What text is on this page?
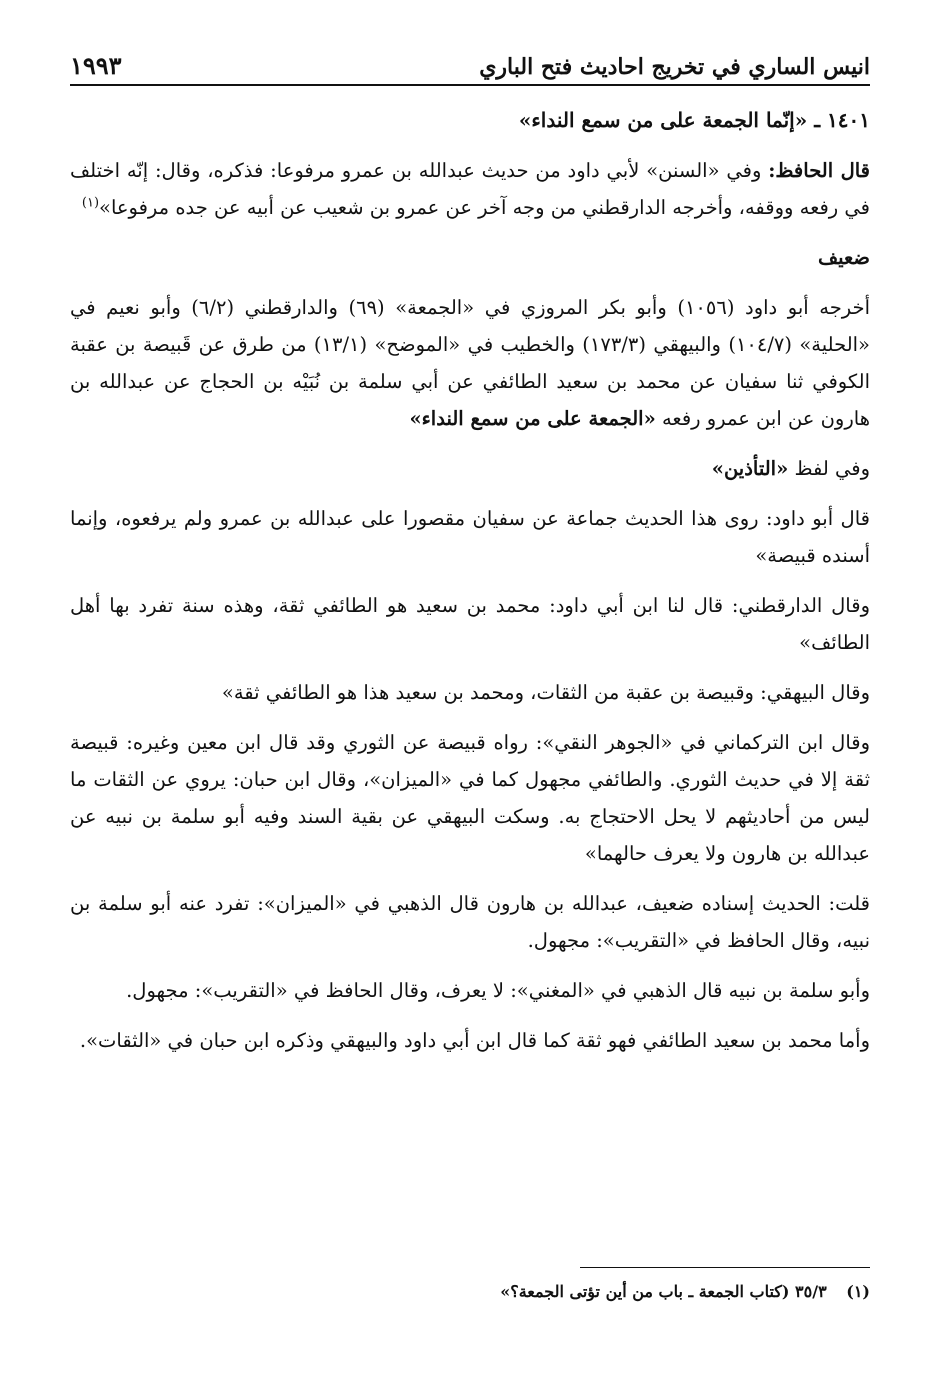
انيس الساري في تخريج احاديث فتح الباري
١٩٩٣

١٤٠١ ـ «إنّما الجمعة على من سمع النداء»

قال الحافظ: وفي «السنن» لأبي داود من حديث عبدالله بن عمرو مرفوعا: فذكره، وقال: إنّه اختلف في رفعه ووقفه، وأخرجه الدارقطني من وجه آخر عن عمرو بن شعيب عن أبيه عن جده مرفوعا»$^{(١)}$

ضعيف

أخرجه أبو داود (١٠٥٦) وأبو بكر المروزي في «الجمعة» (٦٩) والدارقطني (٦/٢) وأبو نعيم في «الحلية» (١٠٤/٧) والبيهقي (١٧٣/٣) والخطيب في «الموضح» (١٣/١) من طرق عن قَبيصة بن عقبة الكوفي ثنا سفيان عن محمد بن سعيد الطائفي عن أبي سلمة بن نُبَيْه بن الحجاج عن عبدالله بن هارون عن ابن عمرو رفعه «الجمعة على من سمع النداء»

وفي لفظ «التأذين»

قال أبو داود: روى هذا الحديث جماعة عن سفيان مقصورا على عبدالله بن عمرو ولم يرفعوه، وإنما أسنده قبيصة»

وقال الدارقطني: قال لنا ابن أبي داود: محمد بن سعيد هو الطائفي ثقة، وهذه سنة تفرد بها أهل الطائف»

وقال البيهقي: وقبيصة بن عقبة من الثقات، ومحمد بن سعيد هذا هو الطائفي ثقة»

وقال ابن التركماني في «الجوهر النقي»: رواه قبيصة عن الثوري وقد قال ابن معين وغيره: قبيصة ثقة إلا في حديث الثوري. والطائفي مجهول كما في «الميزان»، وقال ابن حبان: يروي عن الثقات ما ليس من أحاديثهم لا يحل الاحتجاج به. وسكت البيهقي عن بقية السند وفيه أبو سلمة بن نبيه عن عبدالله بن هارون ولا يعرف حالهما»

قلت: الحديث إسناده ضعيف، عبدالله بن هارون قال الذهبي في «الميزان»: تفرد عنه أبو سلمة بن نبيه، وقال الحافظ في «التقريب»: مجهول.

وأبو سلمة بن نبيه قال الذهبي في «المغني»: لا يعرف، وقال الحافظ في «التقريب»: مجهول.

وأما محمد بن سعيد الطائفي فهو ثقة كما قال ابن أبي داود والبيهقي وذكره ابن حبان في «الثقات».

(١) ٣٥/٣ (كتاب الجمعة ـ باب من أين تؤتى الجمعة؟»
